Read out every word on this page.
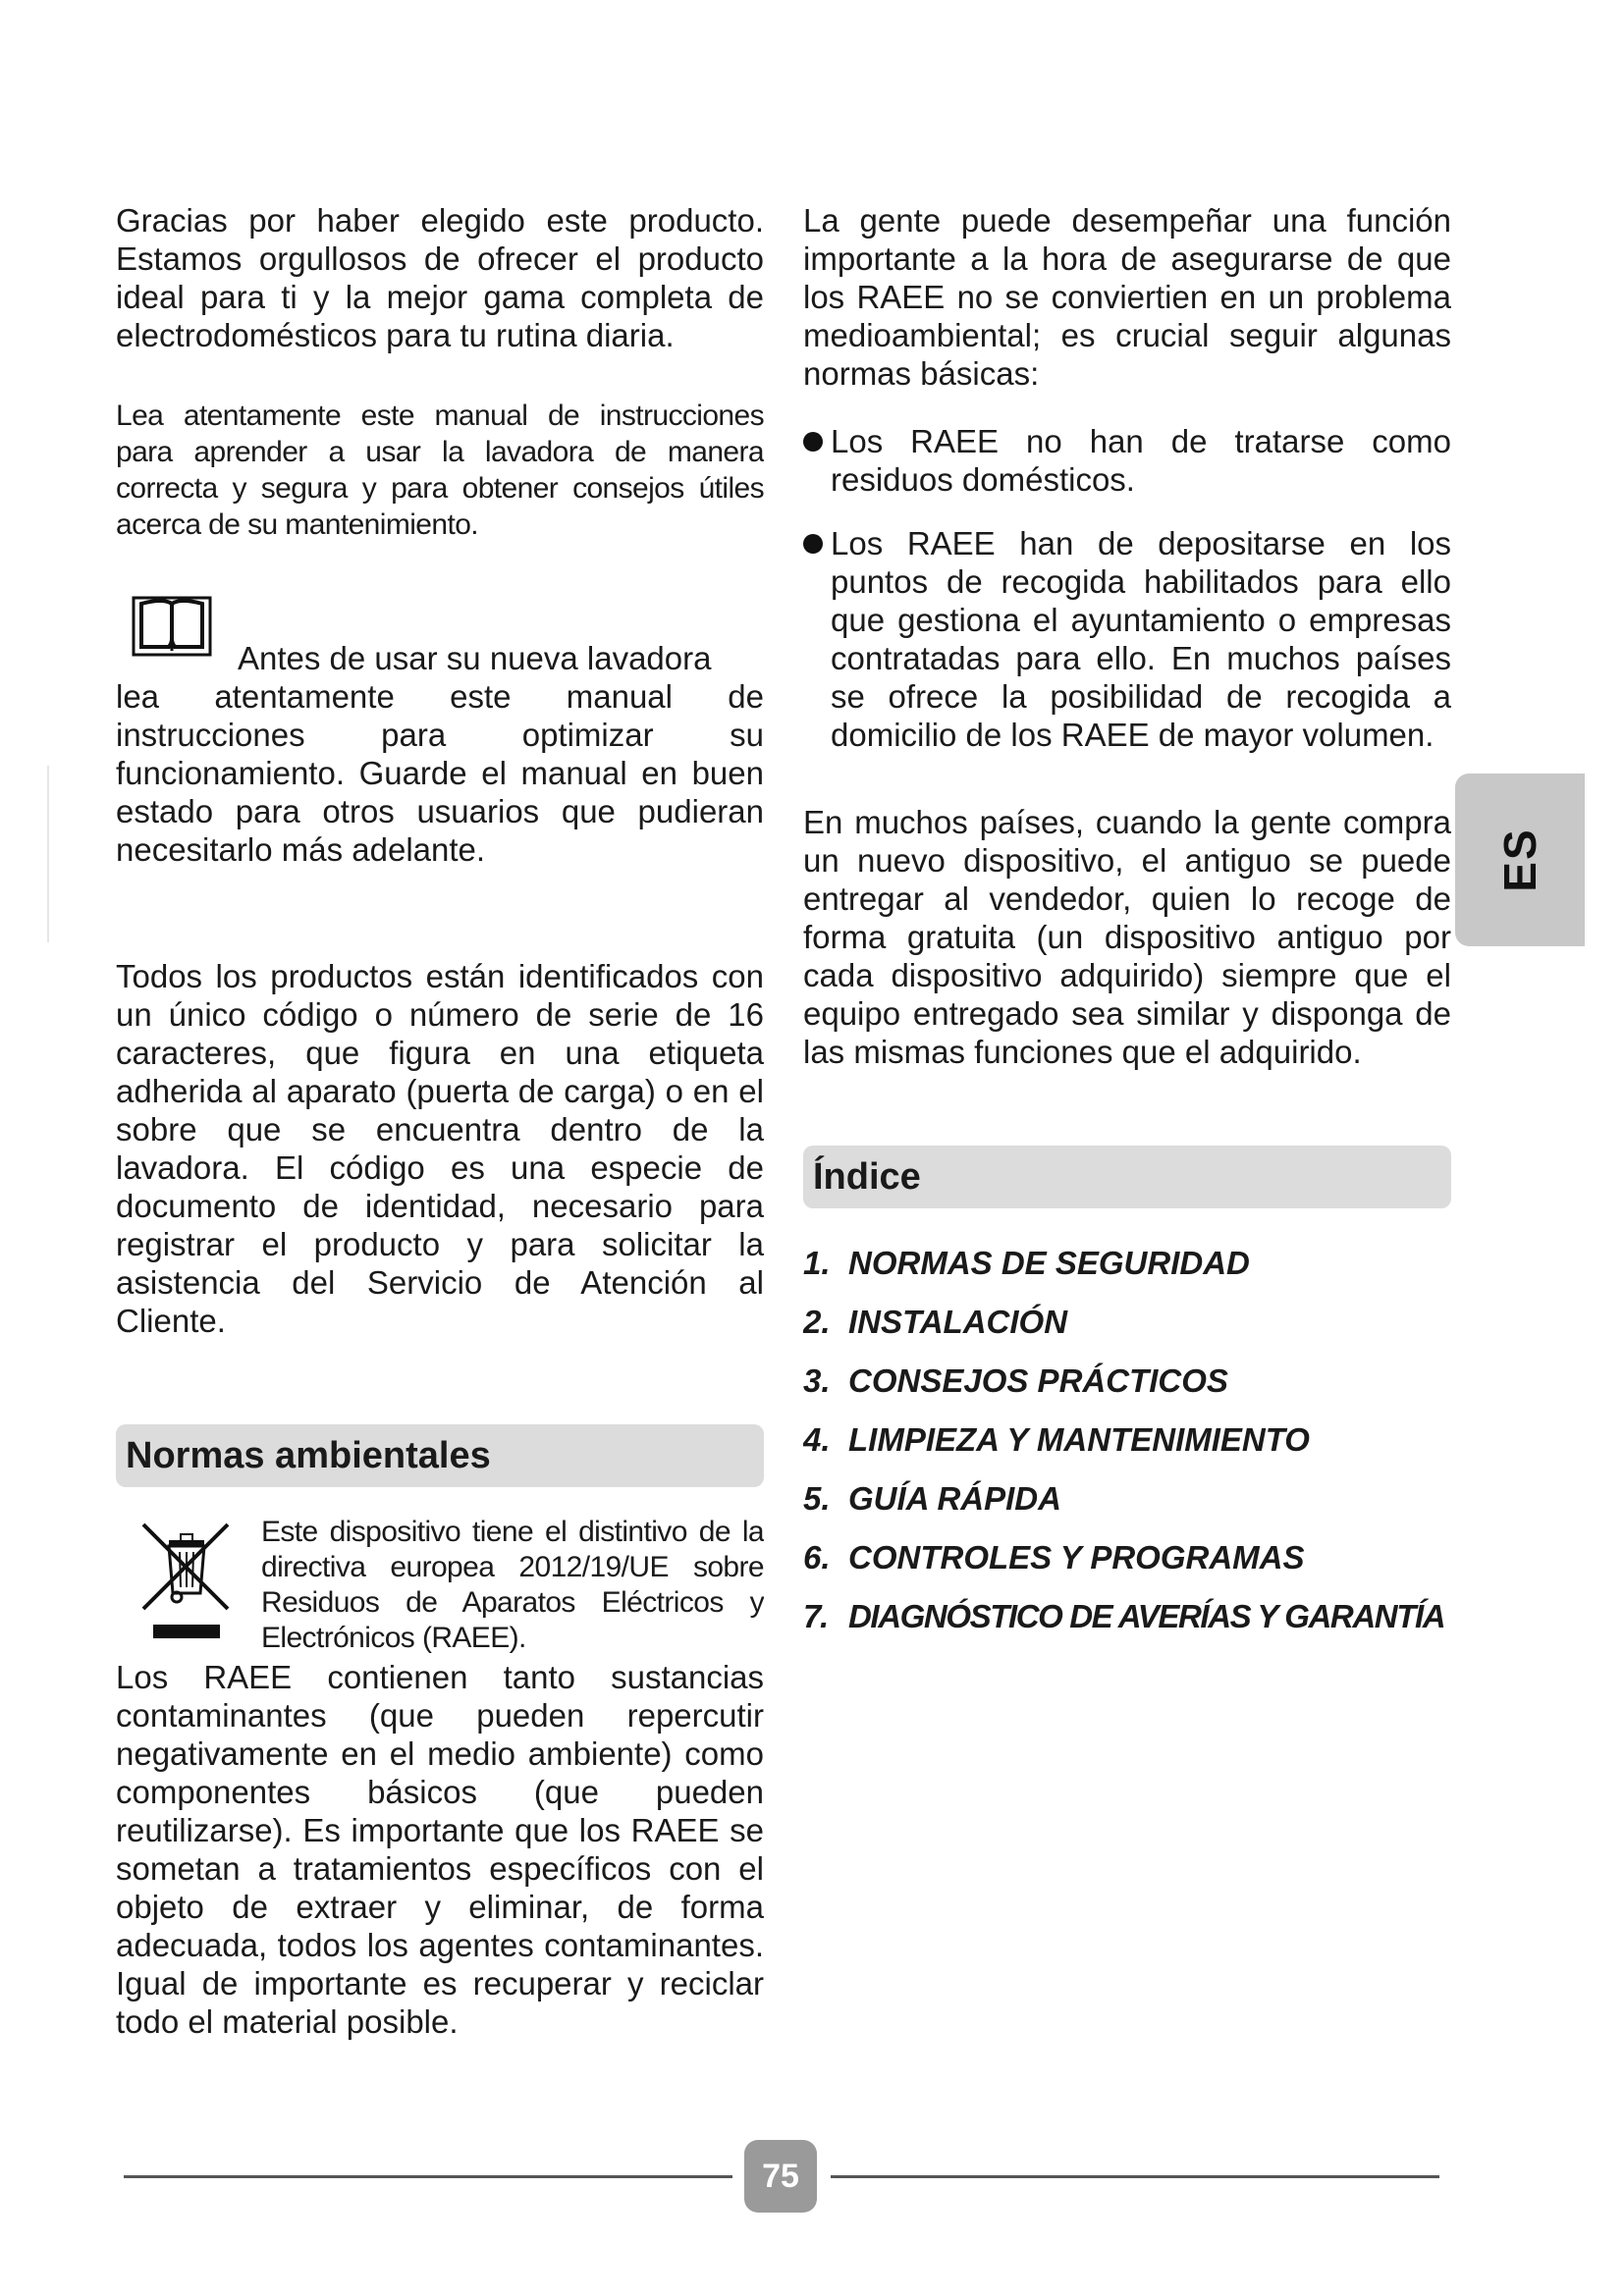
Gracias por haber elegido este producto. Estamos orgullosos de ofrecer el producto ideal para ti y la mejor gama completa de electrodomésticos para tu rutina diaria.

Lea atentamente este manual de instrucciones para aprender a usar la lavadora de manera correcta y segura y para obtener consejos útiles acerca de su mantenimiento.

Antes de usar su nueva lavadora

lea atentamente este manual de instrucciones para optimizar su funcionamiento. Guarde el manual en buen estado para otros usuarios que pudieran necesitarlo más adelante.

Todos los productos están identificados con un único código o número de serie de 16 caracteres, que figura en una etiqueta adherida al aparato (puerta de carga) o en el sobre que se encuentra dentro de la lavadora. El código es una especie de documento de identidad, necesario para registrar el producto y para solicitar la asistencia del Servicio de Atención al Cliente.

Normas ambientales
Este dispositivo tiene el distintivo de la directiva europea 2012/19/UE sobre Residuos de Aparatos Eléctricos y Electrónicos (RAEE).

Los RAEE contienen tanto sustancias contaminantes (que pueden repercutir negativamente en el medio ambiente) como componentes básicos (que pueden reutilizarse). Es importante que los RAEE se sometan a tratamientos específicos con el objeto de extraer y eliminar, de forma adecuada, todos los agentes contaminantes. Igual de importante es recuperar y reciclar todo el material posible.

La gente puede desempeñar una función importante a la hora de asegurarse de que los RAEE no se conviertien en un problema medioambiental; es crucial seguir algunas normas básicas:

Los RAEE no han de tratarse como residuos domésticos.

Los RAEE han de depositarse en los puntos de recogida habilitados para ello que gestiona el ayuntamiento o empresas contratadas para ello. En muchos países se ofrece la posibilidad de recogida a domicilio de los RAEE de mayor volumen.

En muchos países, cuando la gente compra un nuevo dispositivo, el antiguo se puede entregar al vendedor, quien lo recoge de forma gratuita (un dispositivo antiguo por cada dispositivo adquirido) siempre que el equipo entregado sea similar y disponga de las mismas funciones que el adquirido.

Índice
1. NORMAS DE SEGURIDAD
2. INSTALACIÓN
3. CONSEJOS PRÁCTICOS
4. LIMPIEZA Y MANTENIMIENTO
5. GUÍA RÁPIDA
6. CONTROLES Y PROGRAMAS
7. DIAGNÓSTICO DE AVERÍAS Y GARANTÍA
ES
75
